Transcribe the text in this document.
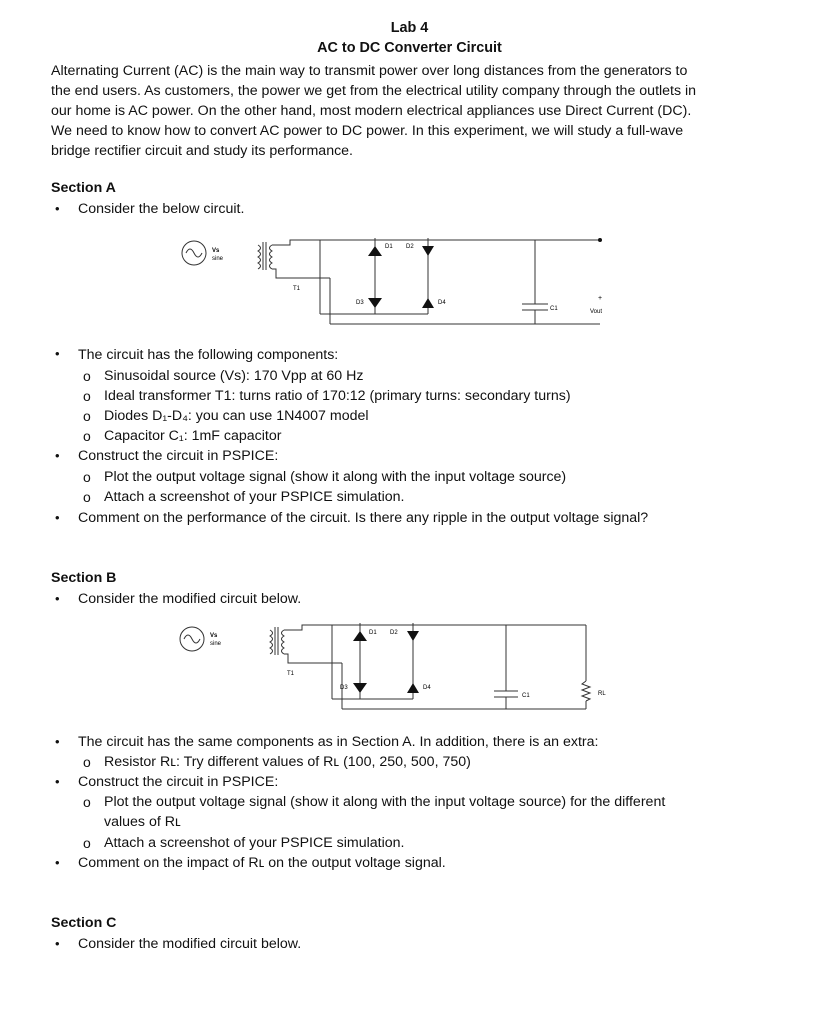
Lab 4
AC to DC Converter Circuit
Alternating Current (AC) is the main way to transmit power over long distances from the generators to
the end users. As customers, the power we get from the electrical utility company through the outlets in
our home is AC power. On the other hand, most modern electrical appliances use Direct Current (DC).
We need to know how to convert AC power to DC power. In this experiment, we will study a full-wave
bridge rectifier circuit and study its performance.
Section A
• Consider the below circuit.
Vs
sine
T1
D1 D2
D3	D4
C1
+
Vout
• The circuit has the following components:
o Sinusoidal source (Vs): 170 Vpp at 60 Hz
o Ideal transformer T1: turns ratio of 170:12 (primary turns: secondary turns)
o Diodes D₁-D₄: you can use 1N4007 model
o Capacitor C₁: 1mF capacitor
• Construct the circuit in PSPICE:
o Plot the output voltage signal (show it along with the input voltage source)
o Attach a screenshot of your PSPICE simulation.
• Comment on the performance of the circuit. Is there any ripple in the output voltage signal?
Section B
• Consider the modified circuit below.
Vs
sine
T1
D1 D2
D3	D4
C1	RL
• The circuit has the same components as in Section A. In addition, there is an extra:
o Resistor Rʟ: Try different values of Rʟ (100, 250, 500, 750)
• Construct the circuit in PSPICE:
o Plot the output voltage signal (show it along with the input voltage source) for the different
values of Rʟ
o Attach a screenshot of your PSPICE simulation.
• Comment on the impact of Rʟ on the output voltage signal.
Section C
• Consider the modified circuit below.
